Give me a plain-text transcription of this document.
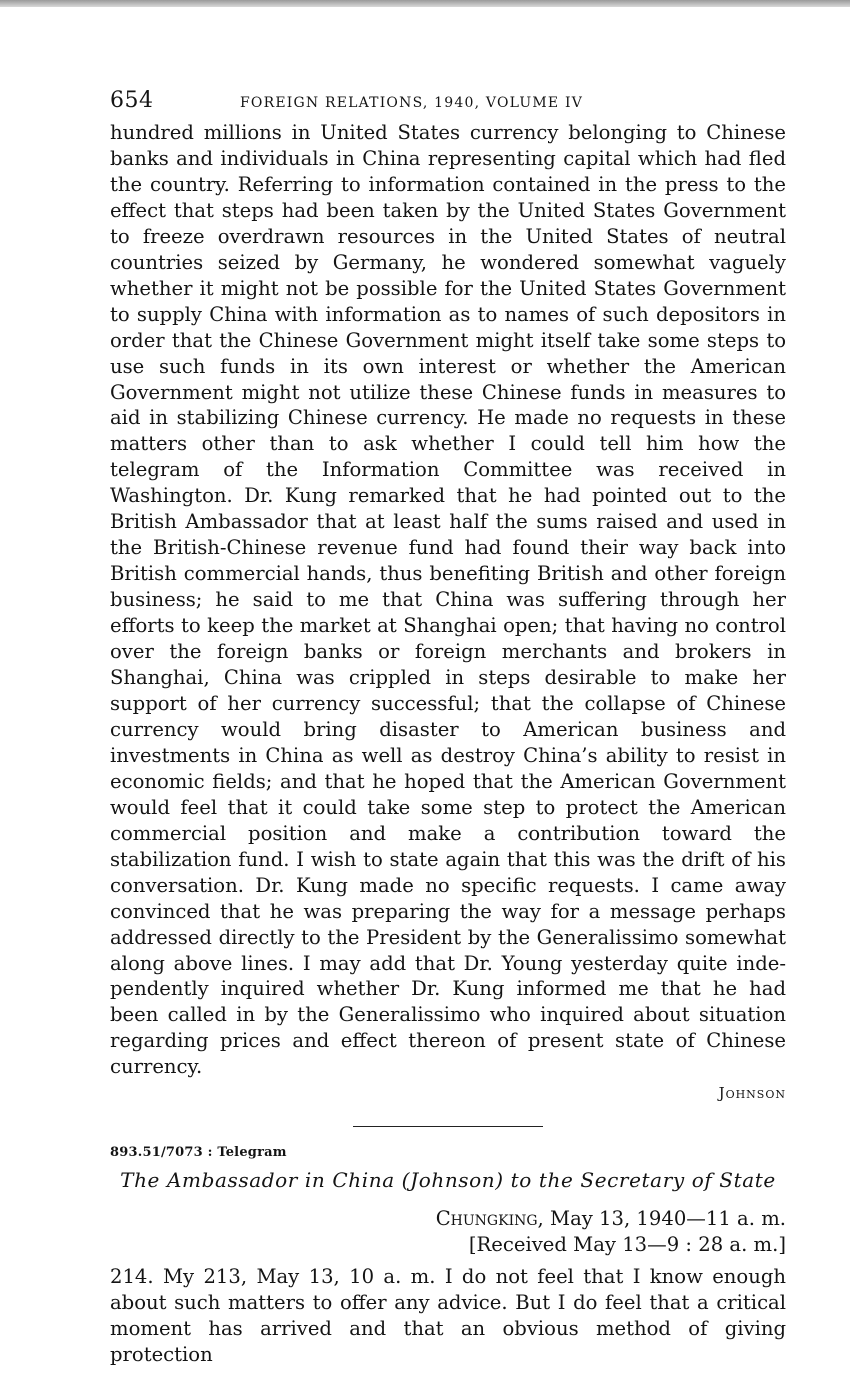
654	FOREIGN RELATIONS, 1940, VOLUME IV

hundred millions in United States currency belonging to Chinese banks and individuals in China representing capital which had fled the country. Referring to information contained in the press to the effect that steps had been taken by the United States Government to freeze overdrawn resources in the United States of neutral countries seized by Germany, he wondered somewhat vaguely whether it might not be possible for the United States Government to supply China with information as to names of such depositors in order that the Chinese Government might itself take some steps to use such funds in its own interest or whether the American Government might not utilize these Chinese funds in measures to aid in stabilizing Chinese currency. He made no requests in these matters other than to ask whether I could tell him how the telegram of the Information Committee was received in Washington. Dr. Kung remarked that he had pointed out to the British Ambassador that at least half the sums raised and used in the British-Chinese revenue fund had found their way back into British commercial hands, thus benefiting British and other foreign business; he said to me that China was suffering through her efforts to keep the market at Shanghai open; that having no control over the foreign banks or foreign merchants and brokers in Shanghai, China was crippled in steps desirable to make her support of her currency successful; that the collapse of Chinese currency would bring disaster to American business and investments in China as well as destroy China’s ability to resist in economic fields; and that he hoped that the American Government would feel that it could take some step to protect the American commercial position and make a contribution toward the stabilization fund. I wish to state again that this was the drift of his conversation. Dr. Kung made no specific requests. I came away convinced that he was preparing the way for a message perhaps addressed directly to the President by the Generalissimo somewhat along above lines. I may add that Dr. Young yesterday quite independently inquired whether Dr. Kung informed me that he had been called in by the Generalissimo who inquired about situation regarding prices and effect thereon of present state of Chinese currency.

Johnson
893.51/7073 : Telegram
The Ambassador in China (Johnson) to the Secretary of State
Chungking, May 13, 1940—11 a. m.
[Received May 13—9 : 28 a. m.]

214. My 213, May 13, 10 a. m. I do not feel that I know enough about such matters to offer any advice. But I do feel that a critical moment has arrived and that an obvious method of giving protection
